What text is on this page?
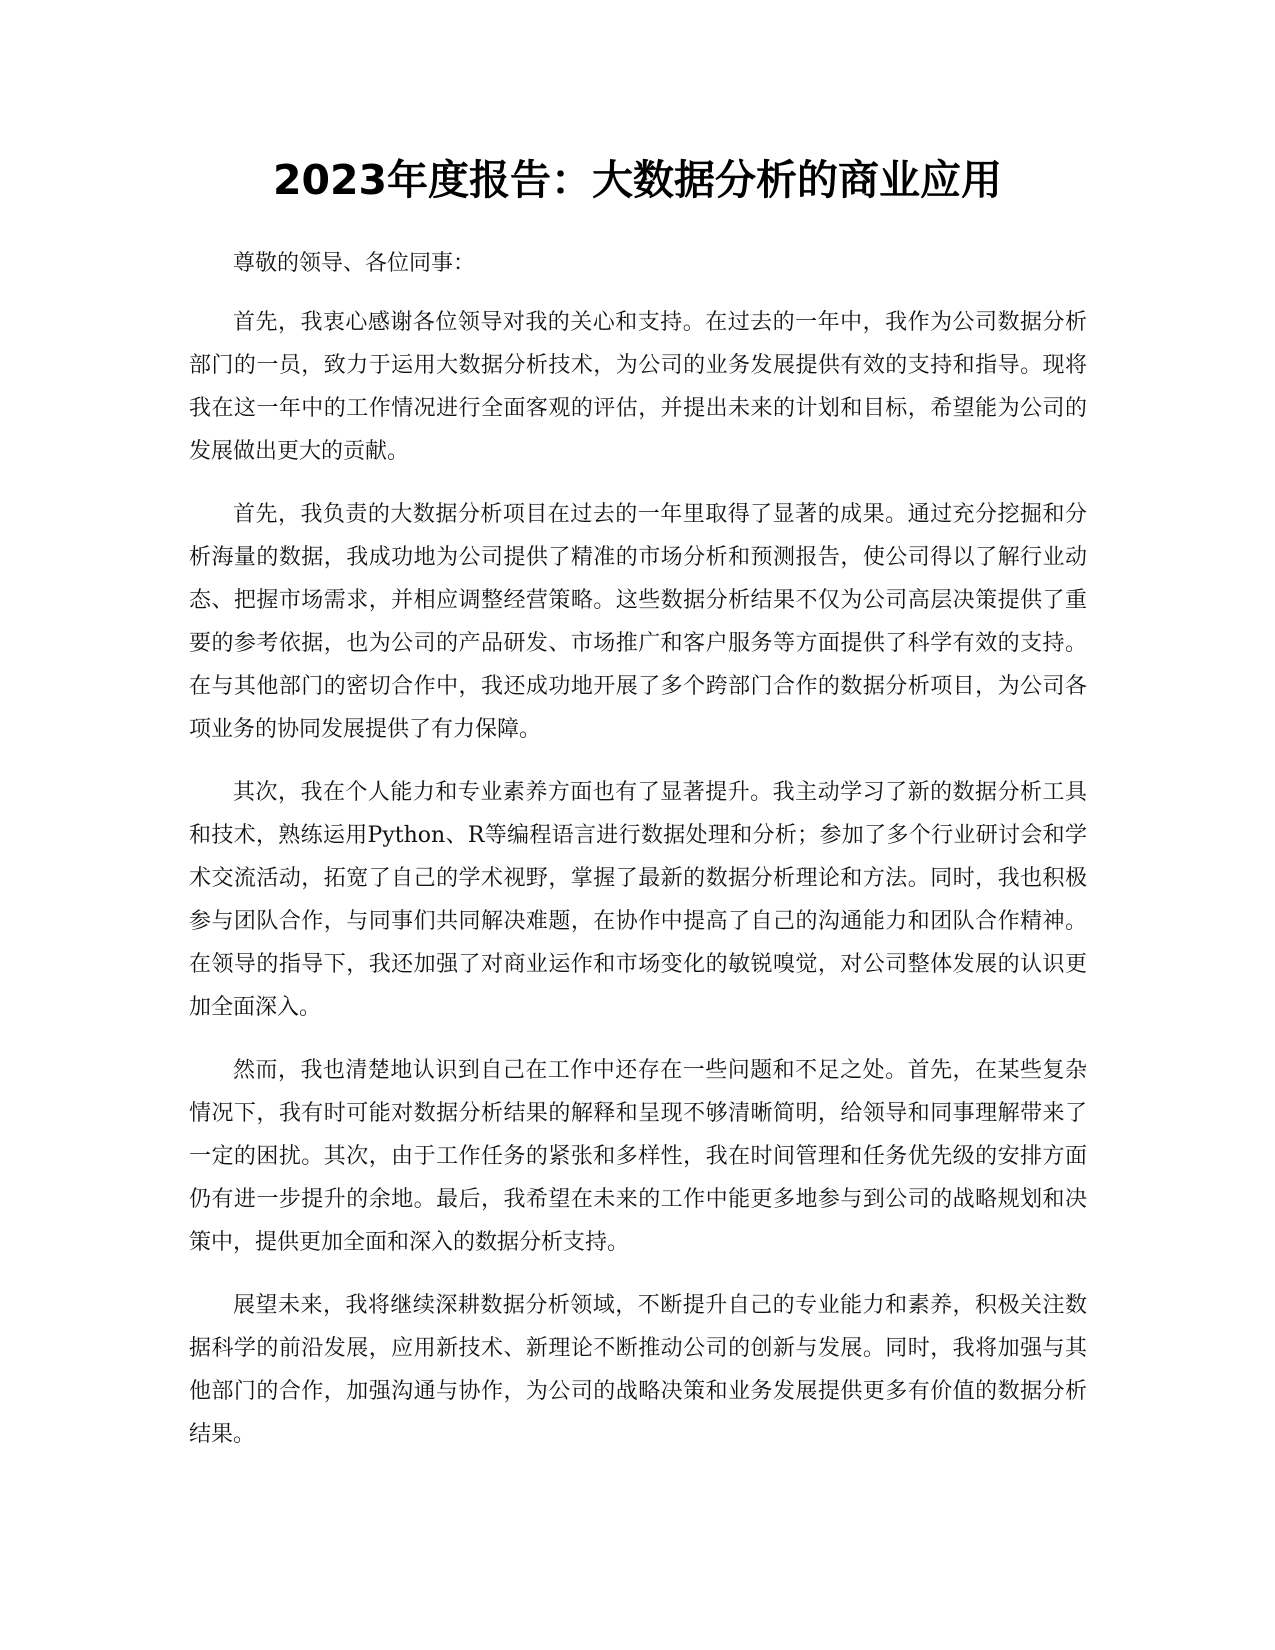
2023年度报告：大数据分析的商业应用

尊敬的领导、各位同事：

首先，我衷心感谢各位领导对我的关心和支持。在过去的一年中，我作为公司数据分析部门的一员，致力于运用大数据分析技术，为公司的业务发展提供有效的支持和指导。现将我在这一年中的工作情况进行全面客观的评估，并提出未来的计划和目标，希望能为公司的发展做出更大的贡献。

首先，我负责的大数据分析项目在过去的一年里取得了显著的成果。通过充分挖掘和分析海量的数据，我成功地为公司提供了精准的市场分析和预测报告，使公司得以了解行业动态、把握市场需求，并相应调整经营策略。这些数据分析结果不仅为公司高层决策提供了重要的参考依据，也为公司的产品研发、市场推广和客户服务等方面提供了科学有效的支持。在与其他部门的密切合作中，我还成功地开展了多个跨部门合作的数据分析项目，为公司各项业务的协同发展提供了有力保障。

其次，我在个人能力和专业素养方面也有了显著提升。我主动学习了新的数据分析工具和技术，熟练运用Python、R等编程语言进行数据处理和分析；参加了多个行业研讨会和学术交流活动，拓宽了自己的学术视野，掌握了最新的数据分析理论和方法。同时，我也积极参与团队合作，与同事们共同解决难题，在协作中提高了自己的沟通能力和团队合作精神。在领导的指导下，我还加强了对商业运作和市场变化的敏锐嗅觉，对公司整体发展的认识更加全面深入。

然而，我也清楚地认识到自己在工作中还存在一些问题和不足之处。首先，在某些复杂情况下，我有时可能对数据分析结果的解释和呈现不够清晰简明，给领导和同事理解带来了一定的困扰。其次，由于工作任务的紧张和多样性，我在时间管理和任务优先级的安排方面仍有进一步提升的余地。最后，我希望在未来的工作中能更多地参与到公司的战略规划和决策中，提供更加全面和深入的数据分析支持。

展望未来，我将继续深耕数据分析领域，不断提升自己的专业能力和素养，积极关注数据科学的前沿发展，应用新技术、新理论不断推动公司的创新与发展。同时，我将加强与其他部门的合作，加强沟通与协作，为公司的战略决策和业务发展提供更多有价值的数据分析结果。
